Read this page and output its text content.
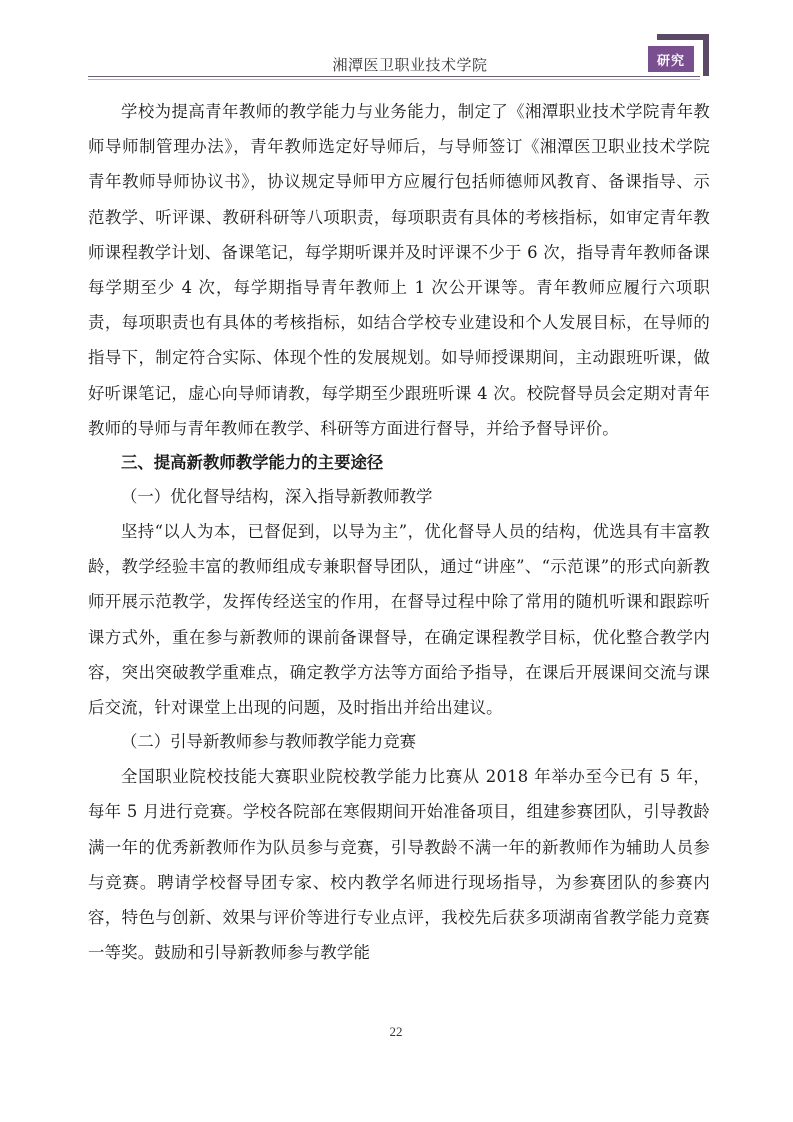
湘潭医卫职业技术学院	研究

学校为提高青年教师的教学能力与业务能力，制定了《湘潭职业技术学院青年教师导师制管理办法》，青年教师选定好导师后，与导师签订《湘潭医卫职业技术学院青年教师导师协议书》，协议规定导师甲方应履行包括师德师风教育、备课指导、示范教学、听评课、教研科研等八项职责，每项职责有具体的考核指标，如审定青年教师课程教学计划、备课笔记，每学期听课并及时评课不少于 6 次，指导青年教师备课每学期至少 4 次，每学期指导青年教师上 1 次公开课等。青年教师应履行六项职责，每项职责也有具体的考核指标，如结合学校专业建设和个人发展目标，在导师的指导下，制定符合实际、体现个性的发展规划。如导师授课期间，主动跟班听课，做好听课笔记，虚心向导师请教，每学期至少跟班听课 4 次。校院督导员会定期对青年教师的导师与青年教师在教学、科研等方面进行督导，并给予督导评价。

三、提高新教师教学能力的主要途径

（一）优化督导结构，深入指导新教师教学

坚持“以人为本，已督促到，以导为主”，优化督导人员的结构，优选具有丰富教龄，教学经验丰富的教师组成专兼职督导团队，通过“讲座”、“示范课”的形式向新教师开展示范教学，发挥传经送宝的作用，在督导过程中除了常用的随机听课和跟踪听课方式外，重在参与新教师的课前备课督导，在确定课程教学目标，优化整合教学内容，突出突破教学重难点，确定教学方法等方面给予指导，在课后开展课间交流与课后交流，针对课堂上出现的问题，及时指出并给出建议。

（二）引导新教师参与教师教学能力竞赛

全国职业院校技能大赛职业院校教学能力比赛从 2018 年举办至今已有 5 年，每年 5 月进行竞赛。学校各院部在寒假期间开始准备项目，组建参赛团队，引导教龄满一年的优秀新教师作为队员参与竞赛，引导教龄不满一年的新教师作为辅助人员参与竞赛。聘请学校督导团专家、校内教学名师进行现场指导，为参赛团队的参赛内容，特色与创新、效果与评价等进行专业点评，我校先后获多项湖南省教学能力竞赛一等奖。鼓励和引导新教师参与教学能

22
